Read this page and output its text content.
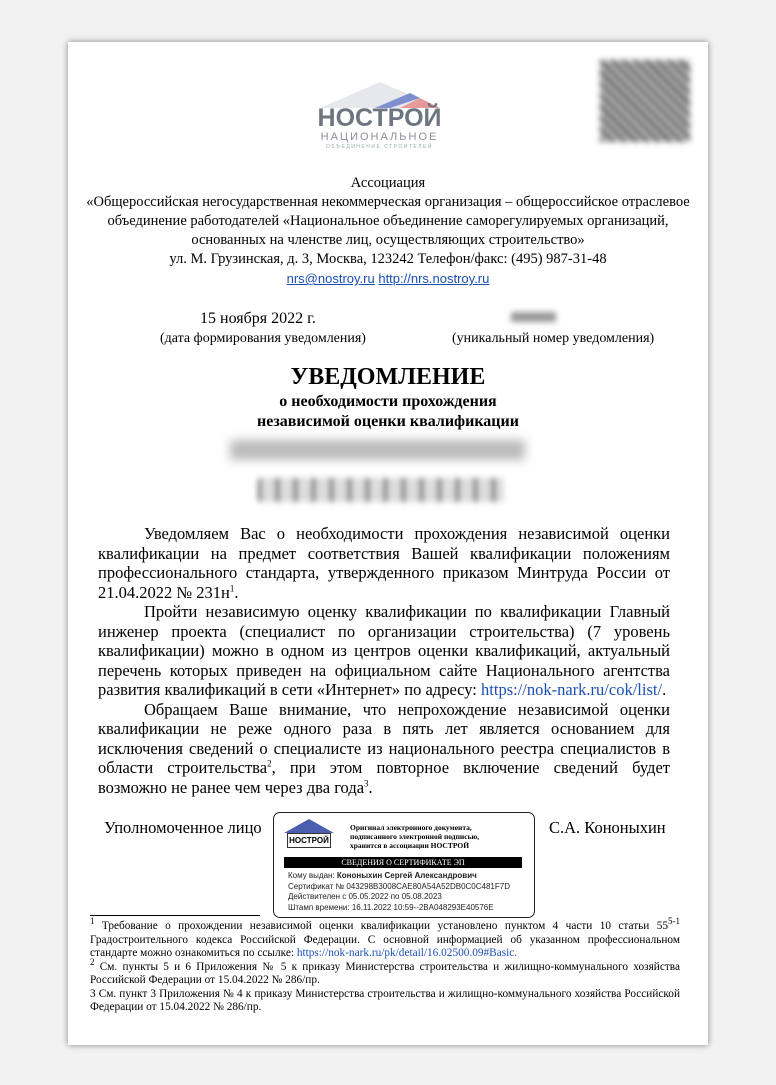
НОСТРОЙ
НАЦИОНАЛЬНОЕ
ОБЪЕДИНЕНИЕ СТРОИТЕЛЕЙ
Ассоциация
«Общероссийская негосударственная некоммерческая организация – общероссийское отраслевое
объединение работодателей «Национальное объединение саморегулируемых организаций,
основанных на членстве лиц, осуществляющих строительство»
ул. М. Грузинская, д. 3, Москва, 123242 Телефон/факс: (495) 987-31-48
nrs@nostroy.ru http://nrs.nostroy.ru
15 ноября 2022 г.
(дата формирования уведомления)	(уникальный номер уведомления)
УВЕДОМЛЕНИЕ
о необходимости прохождения
независимой оценки квалификации

Уведомляем Вас о необходимости прохождения независимой оценки квалификации на предмет соответствия Вашей квалификации положениям профессионального стандарта, утвержденного приказом Минтруда России от 21.04.2022 № $231н^1$.

Пройти независимую оценку квалификации по квалификации Главный инженер проекта (специалист по организации строительства) (7 уровень квалификации) можно в одном из центров оценки квалификаций, актуальный перечень которых приведен на официальном сайте Национального агентства развития квалификаций в сети «Интернет» по адресу: https://nok-nark.ru/cok/list/.

Обращаем Ваше внимание, что непрохождение независимой оценки квалификации не реже одного раза в пять лет является основанием для исключения сведений о специалисте из национального реестра специалистов в области строительства$^2$, при этом повторное включение сведений будет возможно не ранее чем через два года$^3$.

Уполномоченное лицо	С.А. Кононыхин
НОСТРОЙ
Оригинал электронного документа,
подписанного электронной подписью,
хранится в ассоциации НОСТРОЙ
СВЕДЕНИЯ О СЕРТИФИКАТЕ ЭП
Кому выдан: Кононыхин Сергей Александрович
Сертификат № 043298B3008CAE80A54A52DB0C0C481F7D
Действителен с 05.05.2022 по 05.08.2023
Штамп времени: 16.11.2022 10:59--2BA048293E40576E

$^1$ Требование о прохождении независимой оценки квалификации установлено пунктом 4 части 10 статьи 55$^{5-1}$ Градостроительного кодекса Российской Федерации. С основной информацией об указанном профессиональном стандарте можно ознакомиться по ссылке: https://nok-nark.ru/pk/detail/16.02500.09#Basic.

$^2$ См. пункты 5 и 6 Приложения № 5 к приказу Министерства строительства и жилищно-коммунального хозяйства Российской Федерации от 15.04.2022 № 286/пр.

3 См. пункт 3 Приложения № 4 к приказу Министерства строительства и жилищно-коммунального хозяйства Российской Федерации от 15.04.2022 № 286/пр.
